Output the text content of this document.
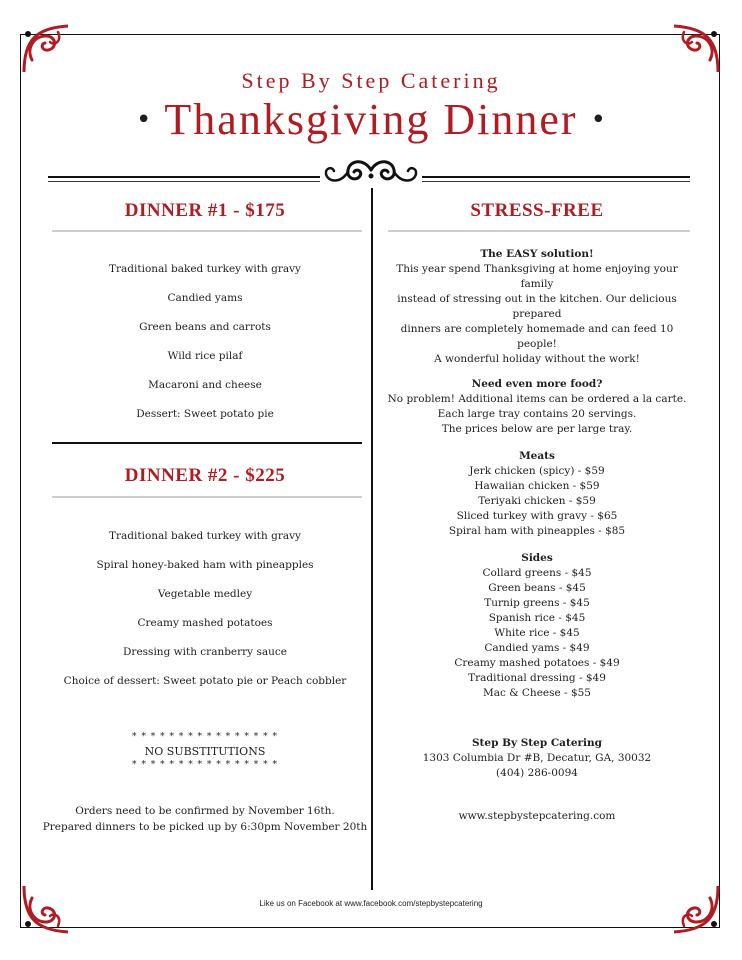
Step By Step Catering
• Thanksgiving Dinner •
DINNER #1 - $175
Traditional baked turkey with gravy
Candied yams
Green beans and carrots
Wild rice pilaf
Macaroni and cheese
Dessert: Sweet potato pie
DINNER #2 - $225
Traditional baked turkey with gravy
Spiral honey-baked ham with pineapples
Vegetable medley
Creamy mashed potatoes
Dressing with cranberry sauce
Choice of dessert: Sweet potato pie or Peach cobbler
* * * * * * * * * * * * * * * *
NO SUBSTITUTIONS
* * * * * * * * * * * * * * * *
Orders need to be confirmed by November 16th.
Prepared dinners to be picked up by 6:30pm November 20th
STRESS-FREE
The EASY solution!
This year spend Thanksgiving at home enjoying your family
instead of stressing out in the kitchen. Our delicious prepared
dinners are completely homemade and can feed 10 people!
A wonderful holiday without the work!
Need even more food?
No problem! Additional items can be ordered a la carte.
Each large tray contains 20 servings.
The prices below are per large tray.
Meats
Jerk chicken (spicy) - $59
Hawaiian chicken - $59
Teriyaki chicken - $59
Sliced turkey with gravy - $65
Spiral ham with pineapples - $85
Sides
Collard greens - $45
Green beans - $45
Turnip greens - $45
Spanish rice - $45
White rice - $45
Candied yams - $49
Creamy mashed potatoes - $49
Traditional dressing - $49
Mac & Cheese - $55
Step By Step Catering
1303 Columbia Dr #B, Decatur, GA, 30032
(404) 286-0094
www.stepbystepcatering.com
Like us on Facebook at www.facebook.com/stepbystepcatering
